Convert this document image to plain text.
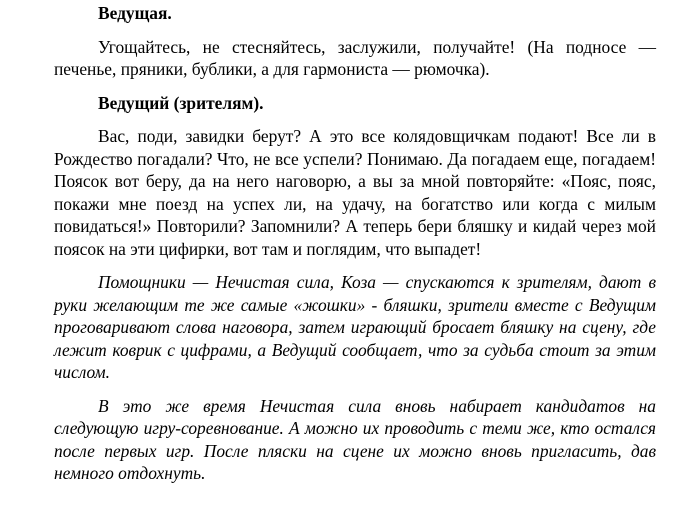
Ведущая.

Угощайтесь, не стесняйтесь, заслужили, получайте! (На подносе — печенье, пряники, бублики, а для гармониста — рюмочка).

Ведущий (зрителям).

Вас, поди, завидки берут? А это все колядовщичкам подают! Все ли в Рождество погадали? Что, не все успели? Понимаю. Да погадаем еще, погадаем! Поясок вот беру, да на него наговорю, а вы за мной повторяйте: «Пояс, пояс, покажи мне поезд на успех ли, на удачу, на богатство или когда с милым повидаться!» Повторили? Запомнили? А теперь бери бляшку и кидай через мой поясок на эти цифирки, вот там и поглядим, что выпадет!

Помощники — Нечистая сила, Коза — спускаются к зрителям, дают в руки желающим те же самые «жошки» - бляшки, зрители вместе с Ведущим проговаривают слова наговора, затем играющий бросает бляшку на сцену, где лежит коврик с цифрами, а Ведущий сообщает, что за судьба стоит за этим числом.

В это же время Нечистая сила вновь набирает кандидатов на следующую игру-соревнование. А можно их проводить с теми же, кто остался после первых игр. После пляски на сцене их можно вновь пригласить, дав немного отдохнуть.
